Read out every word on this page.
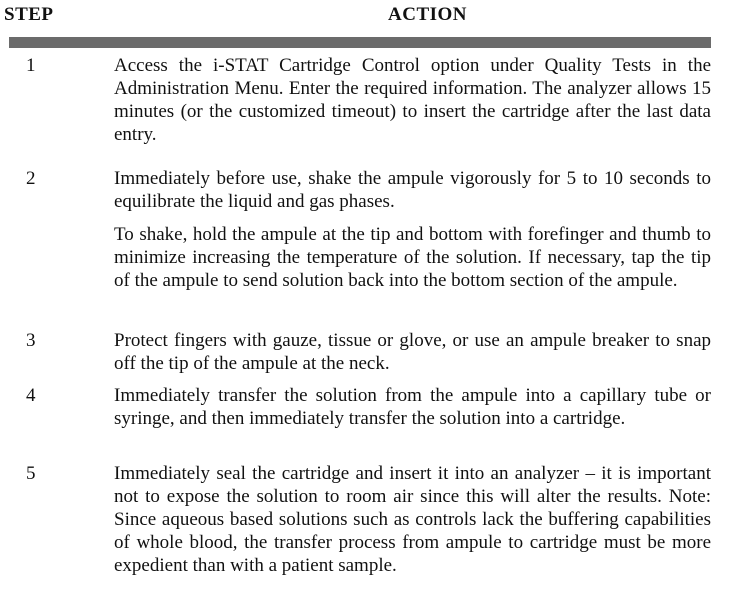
STEP	ACTION
1	Access the i-STAT Cartridge Control option under Quality Tests in the Administration Menu. Enter the required information. The analyzer allows 15 minutes (or the customized timeout) to insert the cartridge after the last data entry.

2	Immediately before use, shake the ampule vigorously for 5 to 10 seconds to equilibrate the liquid and gas phases.

To shake, hold the ampule at the tip and bottom with forefinger and thumb to minimize increasing the temperature of the solution. If necessary, tap the tip of the ampule to send solution back into the bottom section of the ampule.

3	Protect fingers with gauze, tissue or glove, or use an ampule breaker to snap off the tip of the ampule at the neck.

4	Immediately transfer the solution from the ampule into a capillary tube or syringe, and then immediately transfer the solution into a cartridge.

5	Immediately seal the cartridge and insert it into an analyzer – it is important not to expose the solution to room air since this will alter the results. Note: Since aqueous based solutions such as controls lack the buffering capabilities of whole blood, the transfer process from ampule to cartridge must be more expedient than with a patient sample.
